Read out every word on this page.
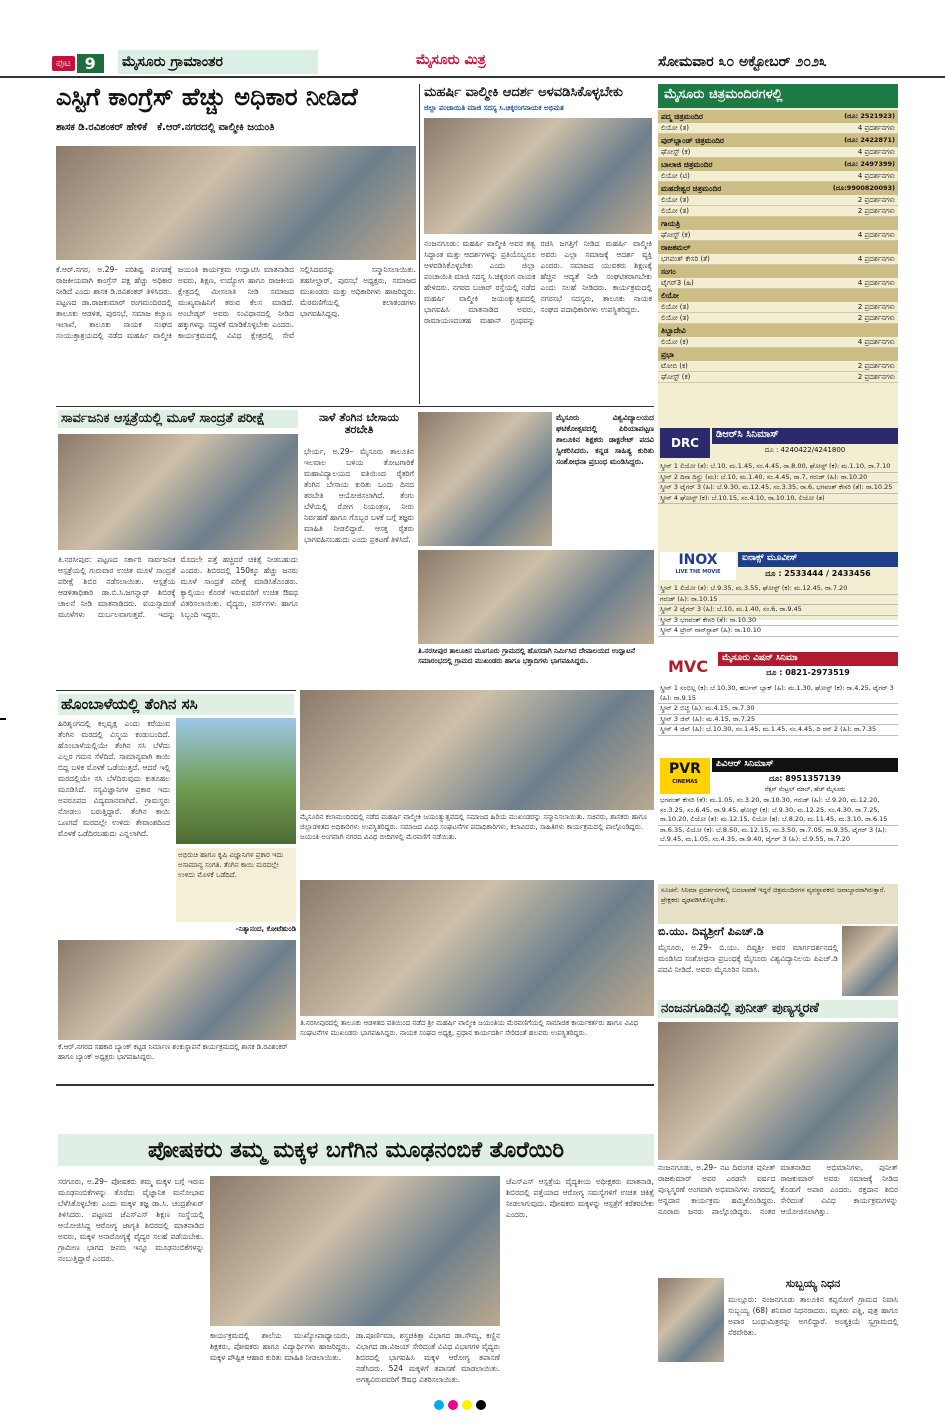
ಪುಟ 9	ಮೈಸೂರು ಗ್ರಾಮಾಂತರ	ಮೈಸೂರು ಮಿತ್ರ	ಸೋಮವಾರ ೩೦ ಅಕ್ಟೋಬರ್ ೨೦೨೩
ಎಸ್ಟಿಗೆ ಕಾಂಗ್ರೆಸ್ ಹೆಚ್ಚು ಅಧಿಕಾರ ನೀಡಿದೆ
ಶಾಸಕ ಡಿ.ರವಿಶಂಕರ್ ಹೇಳಿಕೆ ಕೆ.ಆರ್.ನಗರದಲ್ಲಿ ವಾಲ್ಮೀಕಿ ಜಯಂತಿ
ಕೆ.ಆರ್.ನಗರ, ಅ.29– ಪರಿಶಿಷ್ಟ ಪಂಗಡಕ್ಕೆ ರಾಜಕೀಯವಾಗಿ ಕಾಂಗ್ರೆಸ್ ಪಕ್ಷ ಹೆಚ್ಚು ಅಧಿಕಾರ ನೀಡಿದೆ ಎಂದು ಶಾಸಕ ಡಿ.ರವಿಶಂಕರ್ ತಿಳಿಸಿದರು. ಪಟ್ಟಣದ ಡಾ.ರಾಜಕುಮಾರ್ ರಂಗಮಂದಿರದಲ್ಲಿ ತಾಲೂಕು ಆಡಳಿತ, ಪುರಸಭೆ, ಸಮಾಜ ಕಲ್ಯಾಣ ಇಲಾಖೆ, ತಾಲೂಕು ನಾಯಕ ಸಂಘದ ಸಂಯುಕ್ತಾಶ್ರಯದಲ್ಲಿ ನಡೆದ ಮಹರ್ಷಿ ವಾಲ್ಮೀಕಿ ಜಯಂತಿ ಕಾರ್ಯಕ್ರಮ ಉದ್ಘಾಟಿಸಿ ಮಾತನಾಡಿದ ಅವರು, ಶಿಕ್ಷಣ, ಉದ್ಯೋಗ ಹಾಗೂ ರಾಜಕೀಯ ಕ್ಷೇತ್ರದಲ್ಲಿ ಮೀಸಲಾತಿ ನೀಡಿ ಸಮಾಜದ ಮುಖ್ಯವಾಹಿನಿಗೆ ತರುವ ಕೆಲಸ ಮಾಡಿದೆ. ಅಂಬೇಡ್ಕರ್ ಅವರು ಸಂವಿಧಾನದಲ್ಲಿ ನೀಡಿದ ಹಕ್ಕುಗಳನ್ನು ಸದ್ಬಳಕೆ ಮಾಡಿಕೊಳ್ಳಬೇಕು ಎಂದರು. ಕಾರ್ಯಕ್ರಮದಲ್ಲಿ ವಿವಿಧ ಕ್ಷೇತ್ರದಲ್ಲಿ ಸೇವೆ ಸಲ್ಲಿಸಿದವರನ್ನು ಸನ್ಮಾನಿಸಲಾಯಿತು. ತಹಸೀಲ್ದಾರ್, ಪುರಸಭೆ ಅಧ್ಯಕ್ಷರು, ಸಮಾಜದ ಮುಖಂಡರು ಮತ್ತು ಅಧಿಕಾರಿಗಳು ಹಾಜರಿದ್ದರು. ಮೆರವಣಿಗೆಯಲ್ಲಿ ಕಲಾತಂಡಗಳು ಭಾಗವಹಿಸಿದ್ದವು.
ಮಹರ್ಷಿ ವಾಲ್ಮೀಕಿ ಆದರ್ಶ ಅಳವಡಿಸಿಕೊಳ್ಳಬೇಕು
ಜಿಲ್ಲಾ ಪಂಚಾಯಿತಿ ಮಾಜಿ ಸದಸ್ಯ ಸಿ.ಚಿಕ್ಕರಂಗನಾಯಕ ಅಭಿಮತ
ನಂಜನಗೂಡು: ಮಹರ್ಷಿ ವಾಲ್ಮೀಕಿ ಅವರ ತತ್ವ ಸಿದ್ಧಾಂತ ಮತ್ತು ಆದರ್ಶಗಳನ್ನು ಪ್ರತಿಯೊಬ್ಬರೂ ಅಳವಡಿಸಿಕೊಳ್ಳಬೇಕು ಎಂದು ಜಿಲ್ಲಾ ಪಂಚಾಯಿತಿ ಮಾಜಿ ಸದಸ್ಯ ಸಿ.ಚಿಕ್ಕರಂಗ ನಾಯಕ ಹೇಳಿದರು. ನಗರದ ಬಜಾರ್ ರಸ್ತೆಯಲ್ಲಿ ನಡೆದ ಮಹರ್ಷಿ ವಾಲ್ಮೀಕಿ ಜಯಂತ್ಯುತ್ಸವದಲ್ಲಿ ಭಾಗವಹಿಸಿ ಮಾತನಾಡಿದ ಅವರು, ರಾಮಾಯಣದಂತಹ ಮಹಾನ್ ಗ್ರಂಥವನ್ನು ರಚಿಸಿ ಜಗತ್ತಿಗೆ ನೀಡಿದ ಮಹರ್ಷಿ ವಾಲ್ಮೀಕಿ ಅವರು ಎಲ್ಲಾ ಸಮಾಜಕ್ಕೆ ಆದರ್ಶ ವ್ಯಕ್ತಿ ಎಂದರು. ಸಮಾಜದ ಯುವಕರು ಶಿಕ್ಷಣಕ್ಕೆ ಹೆಚ್ಚಿನ ಆದ್ಯತೆ ನೀಡಿ ಸಂಘಟಿತರಾಗಬೇಕು ಎಂದು ಸಲಹೆ ನೀಡಿದರು. ಕಾರ್ಯಕ್ರಮದಲ್ಲಿ ನಗರಸಭೆ ಸದಸ್ಯರು, ತಾಲೂಕು ನಾಯಕ ಸಂಘದ ಪದಾಧಿಕಾರಿಗಳು ಉಪಸ್ಥಿತರಿದ್ದರು.
ಸಾರ್ವಜನಿಕ ಆಸ್ಪತ್ರೆಯಲ್ಲಿ ಮೂಳೆ ಸಾಂದ್ರತೆ ಪರೀಕ್ಷೆ
ತಿ.ನರಸೀಪುರ: ಪಟ್ಟಣದ ಸರ್ಕಾರಿ ಸಾರ್ವಜನಿಕ ಆಸ್ಪತ್ರೆಯಲ್ಲಿ ಗುರುವಾರ ಉಚಿತ ಮೂಳೆ ಸಾಂದ್ರತೆ ಪರೀಕ್ಷೆ ಶಿಬಿರ ನಡೆಸಲಾಯಿತು. ಆಸ್ಪತ್ರೆಯ ಆಡಳಿತಾಧಿಕಾರಿ ಡಾ.ಬಿ.ಸಿ.ಜಗನ್ನಾಥ್ ಶಿಬಿರಕ್ಕೆ ಚಾಲನೆ ನೀಡಿ ಮಾತನಾಡಿದರು. ವಯಸ್ಸಾದಂತೆ ಮೂಳೆಗಳು ದುರ್ಬಲವಾಗುತ್ತವೆ. ಇದನ್ನು ಮೊದಲೇ ಪತ್ತೆ ಹಚ್ಚಿದರೆ ಚಿಕಿತ್ಸೆ ನೀಡಬಹುದು ಎಂದರು. ಶಿಬಿರದಲ್ಲಿ 150ಕ್ಕೂ ಹೆಚ್ಚು ಜನರು ಮೂಳೆ ಸಾಂದ್ರತೆ ಪರೀಕ್ಷೆ ಮಾಡಿಸಿಕೊಂಡರು. ಕ್ಯಾಲ್ಸಿಯಂ ಕೊರತೆ ಇರುವವರಿಗೆ ಉಚಿತ ಔಷಧ ವಿತರಿಸಲಾಯಿತು. ವೈದ್ಯರು, ನರ್ಸ್‌ಗಳು ಹಾಗೂ ಸಿಬ್ಬಂದಿ ಇದ್ದರು.
ನಾಳೆ ತೆಂಗಿನ ಬೇಸಾಯ ತರಬೇತಿ
ಭೇರ್ಯ, ಅ.29– ಮೈಸೂರು ತಾಲೂಕಿನ ಇಲವಾಲ ಬಳಿಯ ತೋಟಗಾರಿಕೆ ಮಹಾವಿದ್ಯಾಲಯದ ವತಿಯಿಂದ ರೈತರಿಗೆ ತೆಂಗಿನ ಬೇಸಾಯ ಕುರಿತು ಒಂದು ದಿನದ ತರಬೇತಿ ಆಯೋಜಿಸಲಾಗಿದೆ. ತೆಂಗು ಬೆಳೆಯಲ್ಲಿ ರೋಗ ನಿಯಂತ್ರಣ, ನೀರು ನಿರ್ವಹಣೆ ಹಾಗೂ ಗೊಬ್ಬರ ಬಳಕೆ ಬಗ್ಗೆ ತಜ್ಞರು ಮಾಹಿತಿ ನೀಡಲಿದ್ದಾರೆ. ಆಸಕ್ತ ರೈತರು ಭಾಗವಹಿಸಬಹುದು ಎಂದು ಪ್ರಕಟಣೆ ತಿಳಿಸಿದೆ.
ಮೈಸೂರು ವಿಶ್ವವಿದ್ಯಾಲಯದ ಘಟಿಕೋತ್ಸವದಲ್ಲಿ ಪಿರಿಯಾಪಟ್ಟಣ ತಾಲೂಕಿನ ಶಿಕ್ಷಕರು ಡಾಕ್ಟರೇಟ್ ಪದವಿ ಸ್ವೀಕರಿಸಿದರು. ಕನ್ನಡ ಸಾಹಿತ್ಯ ಕುರಿತು ಸಂಶೋಧನಾ ಪ್ರಬಂಧ ಮಂಡಿಸಿದ್ದರು.
ತಿ.ನರಸೀಪುರ ತಾಲೂಕಿನ ಮೂಗೂರು ಗ್ರಾಮದಲ್ಲಿ ಹೊಸದಾಗಿ ನಿರ್ಮಿಸಿದ ದೇವಾಲಯದ ಉದ್ಘಾಟನೆ ಸಮಾರಂಭದಲ್ಲಿ ಗ್ರಾಮದ ಮುಖಂಡರು ಹಾಗೂ ಭಕ್ತಾದಿಗಳು ಭಾಗವಹಿಸಿದ್ದರು.
ಹೊಂಬಾಳೆಯಲ್ಲಿ ತೆಂಗಿನ ಸಸಿ
ಹಿರಿಶೃಂಗದಲ್ಲಿ ಕಲ್ಪವೃಕ್ಷ ಎಂದು ಕರೆಯುವ ತೆಂಗಿನ ಮರದಲ್ಲಿ ವಿಸ್ಮಯ ಕಂಡುಬಂದಿದೆ. ಹೊಂಬಾಳೆಯಲ್ಲಿಯೇ ತೆಂಗಿನ ಸಸಿ ಬೆಳೆದು ಎಲ್ಲರ ಗಮನ ಸೆಳೆದಿದೆ. ಸಾಮಾನ್ಯವಾಗಿ ಕಾಯಿ ಬಿದ್ದ ಬಳಿಕ ಮೊಳಕೆ ಒಡೆಯುತ್ತದೆ. ಆದರೆ ಇಲ್ಲಿ ಮರದಲ್ಲಿಯೇ ಸಸಿ ಬೆಳೆದಿರುವುದು ಕುತೂಹಲ ಮೂಡಿಸಿದೆ. ಸಸ್ಯವಿಜ್ಞಾನಿಗಳ ಪ್ರಕಾರ ಇದು ಅಪರೂಪದ ವಿದ್ಯಮಾನವಾಗಿದೆ. ಗ್ರಾಮಸ್ಥರು ನೋಡಲು ಬರುತ್ತಿದ್ದಾರೆ. ತೆಂಗಿನ ಕಾಯಿ ಒಣಗದೆ ಮರದಲ್ಲೇ ಉಳಿದು ತೇವಾಂಶದಿಂದ ಮೊಳಕೆ ಒಡೆದಿರಬಹುದು ಎನ್ನಲಾಗಿದೆ.
ಅಭಿರುಚಿ ಹಾಗೂ ಕೃಷಿ ವಿಜ್ಞಾನಿಗಳ ಪ್ರಕಾರ ಇದು ಅಸಾಮಾನ್ಯ ಸಂಗತಿ. ತೆಂಗಿನ ಕಾಯಿ ಮರದಲ್ಲೇ ಉಳಿದು ಮೊಳಕೆ ಒಡೆದಿದೆ.
–ನಿತ್ಯಾನಂದ, ಕೋಟೆಹುಂಡಿ
ಕೆ.ಆರ್.ನಗರದ ಸಹಕಾರ ಬ್ಯಾಂಕ್ ಕಟ್ಟಡ ನಿರ್ಮಾಣ ಶಂಕುಸ್ಥಾಪನೆ ಕಾರ್ಯಕ್ರಮದಲ್ಲಿ ಶಾಸಕ ಡಿ.ರವಿಶಂಕರ್ ಹಾಗೂ ಬ್ಯಾಂಕ್ ಅಧ್ಯಕ್ಷರು ಭಾಗವಹಿಸಿದ್ದರು.
ಮೈಸೂರಿನ ಕಲಾಮಂದಿರದಲ್ಲಿ ನಡೆದ ಮಹರ್ಷಿ ವಾಲ್ಮೀಕಿ ಜಯಂತ್ಯುತ್ಸವದಲ್ಲಿ ಸಮಾಜದ ಹಿರಿಯ ಮುಖಂಡರನ್ನು ಸನ್ಮಾನಿಸಲಾಯಿತು. ಸಚಿವರು, ಶಾಸಕರು ಹಾಗೂ ಜಿಲ್ಲಾಡಳಿತದ ಅಧಿಕಾರಿಗಳು ಉಪಸ್ಥಿತರಿದ್ದರು. ಸಮಾಜದ ವಿವಿಧ ಸಂಘಟನೆಗಳ ಪದಾಧಿಕಾರಿಗಳು, ಕಲಾವಿದರು, ಸಾಹಿತಿಗಳು ಕಾರ್ಯಕ್ರಮದಲ್ಲಿ ಪಾಲ್ಗೊಂಡಿದ್ದರು. ಜಯಂತಿ ಅಂಗವಾಗಿ ನಗರದ ವಿವಿಧ ಬೀದಿಗಳಲ್ಲಿ ಮೆರವಣಿಗೆ ನಡೆಯಿತು.
ತಿ.ನರಸೀಪುರದಲ್ಲಿ ತಾಲೂಕು ಆಡಳಿತದ ವತಿಯಿಂದ ನಡೆದ ಶ್ರೀ ಮಹರ್ಷಿ ವಾಲ್ಮೀಕಿ ಜಯಂತಿಯ ಮೆರವಣಿಗೆಯಲ್ಲಿ ಸಾಮಾಜಿಕ ಕಾರ್ಯಕರ್ತರು ಹಾಗೂ ವಿವಿಧ ಸಂಘಟನೆಗಳ ಮುಖಂಡರು ಭಾಗವಹಿಸಿದ್ದರು. ನಾಯಕ ಸಂಘದ ಅಧ್ಯಕ್ಷ, ಪ್ರಧಾನ ಕಾರ್ಯದರ್ಶಿ ಸೇರಿದಂತೆ ಹಲವರು ಉಪಸ್ಥಿತರಿದ್ದರು.
ಪೋಷಕರು ತಮ್ಮ ಮಕ್ಕಳ ಬಗೆಗಿನ ಮೂಢನಂಬಿಕೆ ತೊರೆಯಿರಿ
ಸರಗೂರು, ಅ.29– ಪೋಷಕರು ತಮ್ಮ ಮಕ್ಕಳ ಬಗ್ಗೆ ಇರುವ ಮೂಢನಂಬಿಕೆಗಳನ್ನು ತೊರೆದು ವೈಜ್ಞಾನಿಕ ಮನೋಭಾವ ಬೆಳೆಸಿಕೊಳ್ಳಬೇಕು ಎಂದು ಮಕ್ಕಳ ತಜ್ಞ ಡಾ.ಸಿ. ಚಂದ್ರಶೇಖರ್ ತಿಳಿಸಿದರು. ಪಟ್ಟಣದ ಜೆಎಸ್‌ಎಸ್ ಶಿಕ್ಷಣ ಸಂಸ್ಥೆಯಲ್ಲಿ ಆಯೋಜಿಸಿದ್ದ ಆರೋಗ್ಯ ಜಾಗೃತಿ ಶಿಬಿರದಲ್ಲಿ ಮಾತನಾಡಿದ ಅವರು, ಮಕ್ಕಳ ಅನಾರೋಗ್ಯಕ್ಕೆ ವೈದ್ಯರ ಸಲಹೆ ಪಡೆಯಬೇಕು. ಗ್ರಾಮೀಣ ಭಾಗದ ಜನರು ಇನ್ನೂ ಮೂಢನಂಬಿಕೆಗಳನ್ನು ನಂಬುತ್ತಿದ್ದಾರೆ ಎಂದರು.
ಕಾರ್ಯಕ್ರಮದಲ್ಲಿ ಶಾಲೆಯ ಮುಖ್ಯೋಪಾಧ್ಯಾಯರು, ಶಿಕ್ಷಕರು, ಪೋಷಕರು ಹಾಗೂ ವಿದ್ಯಾರ್ಥಿಗಳು ಹಾಜರಿದ್ದರು. ಮಕ್ಕಳ ಪೌಷ್ಟಿಕ ಆಹಾರ ಕುರಿತು ಮಾಹಿತಿ ನೀಡಲಾಯಿತು.
ಡಾ.ಪೂರ್ಣಿಮಾ, ಶಸ್ತ್ರಚಿಕಿತ್ಸಾ ವಿಭಾಗದ ಡಾ.ಸೌಮ್ಯ, ಕಣ್ಣಿನ ವಿಭಾಗದ ಡಾ.ವಿಜಯ್ ಸೇರಿದಂತೆ ವಿವಿಧ ವಿಭಾಗಗಳ ವೈದ್ಯರು ಶಿಬಿರದಲ್ಲಿ ಭಾಗವಹಿಸಿ ಮಕ್ಕಳ ಆರೋಗ್ಯ ತಪಾಸಣೆ ನಡೆಸಿದರು. 524 ಮಕ್ಕಳಿಗೆ ತಪಾಸಣೆ ಮಾಡಲಾಯಿತು. ಅಗತ್ಯವಿರುವವರಿಗೆ ಔಷಧ ವಿತರಿಸಲಾಯಿತು.
ಜೆಎಸ್‌ಎಸ್ ಆಸ್ಪತ್ರೆಯ ವೈದ್ಯಕೀಯ ಅಧೀಕ್ಷಕರು ಮಾತನಾಡಿ, ಶಿಬಿರದಲ್ಲಿ ಪತ್ತೆಯಾದ ಆರೋಗ್ಯ ಸಮಸ್ಯೆಗಳಿಗೆ ಉಚಿತ ಚಿಕಿತ್ಸೆ ನೀಡಲಾಗುವುದು. ಪೋಷಕರು ಮಕ್ಕಳನ್ನು ಆಸ್ಪತ್ರೆಗೆ ಕರೆತರಬೇಕು ಎಂದರು.
ಮೈಸೂರು ಚಿತ್ರಮಂದಿರಗಳಲ್ಲಿ
ಪದ್ಮ ಚಿತ್ರಮಂದಿರ	(ದೂ: 2521923)
ಲಿಯೋ (ತ)	4 ಪ್ರದರ್ಶನಗಳು
ಪುರ್‌ಬ್ಲಾಂಡ್ ಚಿತ್ರಮಂದಿರ	(ದೂ: 2422871)
ಘೋಸ್ಟ್ (ಕ)	4 ಪ್ರದರ್ಶನಗಳು
ಬಾಲಾಜಿ ಚಿತ್ರಮಂದಿರ	(ದೂ: 2497399)
ಲಿಯೋ (ಟಿ)	4 ಪ್ರದರ್ಶನಗಳು
ಮಹದೇಶ್ವರ ಚಿತ್ರಮಂದಿರ	(ದೂ:9900820093)
ಲಿಯೋ (ತ)	2 ಪ್ರದರ್ಶನಗಳು
ಲಿಯೋ (ತ)	2 ಪ್ರದರ್ಶನಗಳು
ಗಾಯತ್ರಿ
ಘೋಸ್ಟ್ (ಕ)	4 ಪ್ರದರ್ಶನಗಳು
ರಾಜಕಮಲ್
ಭಗವಂತ್ ಕೇಸರಿ (ತೆ)	4 ಪ್ರದರ್ಶನಗಳು
ಸಂಗಂ
ಟೈಗರ್3 (ಹಿ)	4 ಪ್ರದರ್ಶನಗಳು
ಲಿಯೋ
ಲಿಯೋ (ತ)	2 ಪ್ರದರ್ಶನಗಳು
ಲಿಯೋ (ತ)	2 ಪ್ರದರ್ಶನಗಳು
ತಿಬ್ಬಾದೇವಿ
ಲಿಯೋ (ಕ)	4 ಪ್ರದರ್ಶನಗಳು
ಪ್ರಭಾ
ಟೋಬಿ (ಕ)	2 ಪ್ರದರ್ಶನಗಳು
ಘೋಸ್ಟ್ (ಕ)	2 ಪ್ರದರ್ಶನಗಳು
DRC
ಡಿಆರ್‌ಸಿ ಸಿನಿಮಾಸ್
ದೂ : 4240422/4241800
ಸ್ಕ್ರೀನ್ 1 ಲಿಯೋ (ತ): ಬೆ.10, ಮ.1.45, ಸಂ.4.45, ರಾ.8.00, ಘೋಸ್ಟ್ (ಕ): ಮ.1.10, ರಾ.7.10
ಸ್ಕ್ರೀನ್ 2 ದಿನಾ ದಿನ್ಹು (ಮ): ಬೆ.10, ಮ.1.40, ಸಂ.4.45, ರಾ.7, ಗರುಡ್ (ಹಿ): ರಾ.10.20
ಸ್ಕ್ರೀನ್ 3 ಟೈಗರ್ 3 (ಹಿ): ಬೆ.9.30, ಮ.12.45, ಸಂ.3.35, ರಾ.6, ಭಗವಂತ್ ಕೇಸರಿ (ತೆ): ರಾ.10.25
ಸ್ಕ್ರೀನ್ 4 ಘೋಸ್ಟ್ (ಕ): ಬೆ.10.15, ಸಂ.4.10, ರಾ.10.10, ಲಿಯೋ (ತ)
INOX
LIVE THE MOVIE
ಐನಾಕ್ಸ್ ಮೂವೀಸ್
ದೂ : 2533444 / 2433456
ಸ್ಕ್ರೀನ್ 1 ಲಿಯೋ (ತ): ಬೆ.9.35, ಮ.3.55, ಘೋಸ್ಟ್ (ಕ): ಮ.12.45, ರಾ.7.20
ಗರುಡ್ (ಹಿ): ರಾ.10.15
ಸ್ಕ್ರೀನ್ 2 ಟೈಗರ್ 3 (ಹಿ): ಬೆ.10, ಮ.1.40, ಸಂ.6, ರಾ.9.45
ಸ್ಕ್ರೀನ್ 3 ಭಗವಂತ್ ಕೇಸರಿ (ತೆ): ರಾ.10.30
ಸ್ಕ್ರೀನ್ 4 ಟ್ರೇನ್ ನಾನ್‌ಸ್ಟಾಪ್ (ಹಿ): ರಾ.10.10
MVC	ಮೈಸೂರು ವಿಷನ್ ಸಿನಿಮಾ
ದೂ : 0821-2973519
ಸ್ಕ್ರೀನ್ 1 ಸಂಭಿಲ್ಲ (ಕ): ಬೆ.10.30, ಹರ್ಬನ್ ಬ್ಲಾಕ್ (ಹಿ): ಮ.1.30, ಘೋಸ್ಟ್ (ಕ): ರಾ.4.25, ಟೈಗರ್ 3 (ಹಿ): ರಾ.9.15
ಸ್ಕ್ರೀನ್ 2 ಬಿಚ್ಚಿ (ಹಿ): ಮ.4.15, ರಾ.7.30
ಸ್ಕ್ರೀನ್ 3 ಜಿನ್ (ಹಿ): ಮ.4.15, ರಾ.7.25
ಸ್ಕ್ರೀನ್ 4 ಜಿನ್ (ಹಿ): ಬೆ.10.30, ಸಂ.1.45, ಮ.1.45, ಸಂ.4.45, ದಿ ರನ್ 2 (ಹಿ): ರಾ.7.35
PVR
CINEMAS
ಪಿವಿಆರ್ ಸಿನಿಮಾಸ್
ದೂ: 8951357139
ನೆಕ್ಸಸ್ ಸೆಂಟ್ರಲ್ ಮಾಲ್, ಹೆಚ್ ಮೈಸೂರು
ಭಗವಂತ್ ಕೇಸರಿ (ತೆ): ಮ.1.05, ಸಂ.3.20, ರಾ.10.30, ಗರುಡ್ (ಹಿ): ಬೆ.9.20, ಮ.12.20, ಸಂ.3.25, ಸಂ.6.45, ರಾ.9.45, ಘೋಸ್ಟ್ (ಕ): ಬೆ.9.30, ಮ.12.25, ಸಂ.4.30, ರಾ.7.25, ರಾ.10.20, ಲಿಯೋ (ತ): ಮ.12.15, ಲಿಯೋ (ತ): ಬೆ.8.20, ಮ.11.45, ಮ.3.10, ರಾ.6.15
ರಾ.6.35, ಲಿಯೋ (ಕ): ಬೆ.8.50, ಮ.12.15, ಸಂ.3.50, ರಾ.7.05, ರಾ.9.35, ಟೈಗರ್ 3 (ಹಿ): ಬೆ.9.45, ಮ.1.05, ಸಂ.4.35, ರಾ.9.40, ಟೈಗರ್ 3 (ಹಿ): ಬೆ.9.55, ರಾ.7.20
ಸೂಚನೆ: ಸಿನಿಮಾ ಪ್ರದರ್ಶನಗಳಲ್ಲಿ ಬದಲಾವಣೆ ಇದ್ದರೆ ಚಿತ್ರಮಂದಿರಗಳ ವ್ಯವಸ್ಥಾಪಕರು ಜವಾಬ್ದಾರರಾಗಿರುತ್ತಾರೆ. ಪ್ರೇಕ್ಷಕರು ದೃಢಪಡಿಸಿಕೊಳ್ಳಬೇಕು.
ಬಿ.ಯು. ದಿವ್ಯಶ್ರೀಗೆ ಪಿಎಚ್.ಡಿ
ಮೈಸೂರು, ಅ.29– ಬಿ.ಯು. ದಿವ್ಯಶ್ರೀ ಅವರ ಮಾರ್ಗದರ್ಶನದಲ್ಲಿ ಮಂಡಿಸಿದ ಸಂಶೋಧನಾ ಪ್ರಬಂಧಕ್ಕೆ ಮೈಸೂರು ವಿಶ್ವವಿದ್ಯಾನಿಲಯ ಪಿಎಚ್.ಡಿ ಪದವಿ ನೀಡಿದೆ. ಅವರು ಮೈಸೂರಿನ ನಿವಾಸಿ.
ನಂಜನಗೂಡಿನಲ್ಲಿ ಪುನೀತ್ ಪುಣ್ಯಸ್ಮರಣೆ
ನಂಜನಗೂಡು, ಅ.29– ನಟ ದಿವಂಗತ ಪುನೀತ್ ರಾಜಕುಮಾರ್ ಅವರ ಎರಡನೇ ವರ್ಷದ ಪುಣ್ಯಸ್ಮರಣೆ ಅಂಗವಾಗಿ ಅಭಿಮಾನಿಗಳು ನಗರದಲ್ಲಿ ಅನ್ನದಾನ ಕಾರ್ಯಕ್ರಮ ಹಮ್ಮಿಕೊಂಡಿದ್ದರು. ನೂರಾರು ಜನರು ಪಾಲ್ಗೊಂಡಿದ್ದರು. ನಂತರ ಮಾತನಾಡಿದ ಅಭಿಮಾನಿಗಳು, ಪುನೀತ್ ರಾಜಕುಮಾರ್ ಅವರು ಸಮಾಜಕ್ಕೆ ನೀಡಿದ ಕೊಡುಗೆ ಅಪಾರ ಎಂದರು. ರಕ್ತದಾನ ಶಿಬಿರ ಸೇರಿದಂತೆ ವಿವಿಧ ಕಾರ್ಯಕ್ರಮಗಳನ್ನು ಆಯೋಜಿಸಲಾಗಿತ್ತು.
ಸುಬ್ಬಯ್ಯ ನಿಧನ
ಮುಲ್ಲೂರು: ನಂಜನಗೂಡು ತಾಲೂಕಿನ ಕಪ್ಪಸೋಗೆ ಗ್ರಾಮದ ನಿವಾಸಿ ಸುಬ್ಬಯ್ಯ (68) ಶನಿವಾರ ನಿಧನರಾದರು. ಮೃತರು ಪತ್ನಿ, ಪುತ್ರ ಹಾಗೂ ಅಪಾರ ಬಂಧುಮಿತ್ರರನ್ನು ಅಗಲಿದ್ದಾರೆ. ಅಂತ್ಯಕ್ರಿಯೆ ಸ್ವಗ್ರಾಮದಲ್ಲಿ ನೆರವೇರಿತು.
